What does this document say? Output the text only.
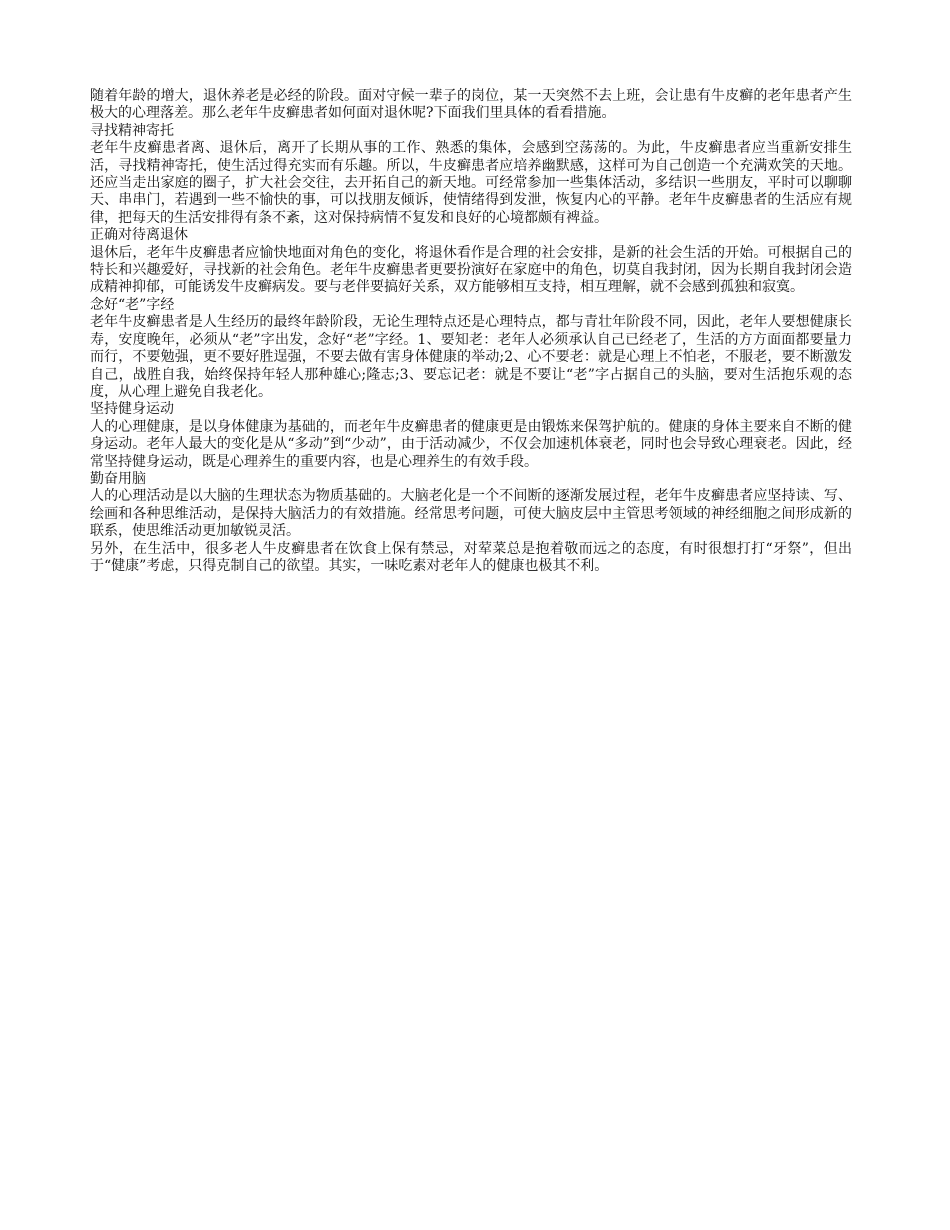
随着年龄的增大，退休养老是必经的阶段。面对守候一辈子的岗位，某一天突然不去上班，会让患有牛皮癣的老年患者产生极大的心理落差。那么老年牛皮癣患者如何面对退休呢?下面我们里具体的看看措施。

寻找精神寄托

老年牛皮癣患者离、退休后，离开了长期从事的工作、熟悉的集体，会感到空荡荡的。为此，牛皮癣患者应当重新安排生活，寻找精神寄托，使生活过得充实而有乐趣。所以，牛皮癣患者应培养幽默感，这样可为自己创造一个充满欢笑的天地。还应当走出家庭的圈子，扩大社会交往，去开拓自己的新天地。可经常参加一些集体活动，多结识一些朋友，平时可以聊聊天、串串门，若遇到一些不愉快的事，可以找朋友倾诉，使情绪得到发泄，恢复内心的平静。老年牛皮癣患者的生活应有规律，把每天的生活安排得有条不紊，这对保持病情不复发和良好的心境都颇有裨益。

正确对待离退休

退休后，老年牛皮癣患者应愉快地面对角色的变化，将退休看作是合理的社会安排，是新的社会生活的开始。可根据自己的特长和兴趣爱好，寻找新的社会角色。老年牛皮癣患者更要扮演好在家庭中的角色，切莫自我封闭，因为长期自我封闭会造成精神抑郁，可能诱发牛皮癣病发。要与老伴要搞好关系，双方能够相互支持，相互理解，就不会感到孤独和寂寞。

念好“老”字经

老年牛皮癣患者是人生经历的最终年龄阶段，无论生理特点还是心理特点，都与青壮年阶段不同，因此，老年人要想健康长寿，安度晚年，必须从“老”字出发，念好“老”字经。1、要知老：老年人必须承认自己已经老了，生活的方方面面都要量力而行，不要勉强，更不要好胜逞强，不要去做有害身体健康的举动;2、心不要老：就是心理上不怕老，不服老，要不断激发自己，战胜自我，始终保持年轻人那种雄心;隆志;3、要忘记老：就是不要让“老”字占据自己的头脑，要对生活抱乐观的态度，从心理上避免自我老化。

坚持健身运动

人的心理健康，是以身体健康为基础的，而老年牛皮癣患者的健康更是由锻炼来保驾护航的。健康的身体主要来自不断的健身运动。老年人最大的变化是从“多动”到“少动”，由于活动减少，不仅会加速机体衰老，同时也会导致心理衰老。因此，经常坚持健身运动，既是心理养生的重要内容，也是心理养生的有效手段。

勤奋用脑

人的心理活动是以大脑的生理状态为物质基础的。大脑老化是一个不间断的逐渐发展过程，老年牛皮癣患者应坚持读、写、绘画和各种思维活动，是保持大脑活力的有效措施。经常思考问题，可使大脑皮层中主管思考领域的神经细胞之间形成新的联系，使思维活动更加敏锐灵活。

另外，在生活中，很多老人牛皮癣患者在饮食上保有禁忌，对荤菜总是抱着敬而远之的态度，有时很想打打“牙祭”，但出于“健康”考虑，只得克制自己的欲望。其实，一味吃素对老年人的健康也极其不利。
